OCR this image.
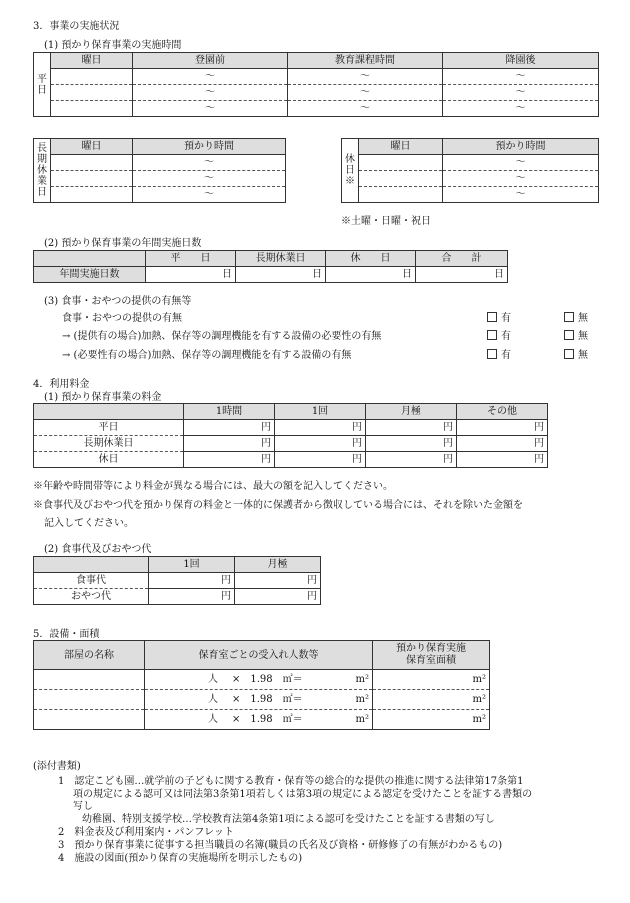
3．事業の実施状況
(1) 預かり保育事業の実施時間
平日	曜日	登園前	教育課程時間	降園後
		～	～	～
		～	～	～
		～	～	～
長期休業日	曜日	預かり時間
		～
		～
		～
休日※	曜日	預かり時間
		～
		～
		～
※土曜・日曜・祝日
(2) 預かり保育事業の年間実施日数
	平　　日	長期休業日	休　　日	合　　計
年間実施日数	日	日	日	日
(3) 食事・おやつの提供の有無等
食事・おやつの提供の有無
→ (提供有の場合)加熱、保存等の調理機能を有する設備の必要性の有無
→ (必要性有の場合)加熱、保存等の調理機能を有する設備の有無
有	無
有	無
有	無
4．利用料金
(1) 預かり保育事業の料金
	1時間	1回	月極	その他
平日	円	円	円	円
長期休業日	円	円	円	円
休日	円	円	円	円
※年齢や時間帯等により料金が異なる場合には、最大の額を記入してください。
※食事代及びおやつ代を預かり保育の料金と一体的に保護者から徴収している場合には、それを除いた金額を
記入してください。
(2) 食事代及びおやつ代
	1回	月極
食事代	円	円
おやつ代	円	円
5．設備・面積
部屋の名称	保育室ごとの受入れ人数等	預かり保育実施
保育室面積

	人 ×　1.98　㎡＝ m²	m²

	人 ×　1.98　㎡＝ m²	m²

	人 ×　1.98　㎡＝ m²	m²
(添付書類)
1　認定こども園…就学前の子どもに関する教育・保育等の総合的な提供の推進に関する法律第17条第1
項の規定による認可又は同法第3条第1項若しくは第3項の規定による認定を受けたことを証する書類の
写し
幼稚園、特別支援学校…学校教育法第4条第1項による認可を受けたことを証する書類の写し
2　料金表及び利用案内・パンフレット
3　預かり保育事業に従事する担当職員の名簿(職員の氏名及び資格・研修修了の有無がわかるもの)
4　施設の図面(預かり保育の実施場所を明示したもの)
